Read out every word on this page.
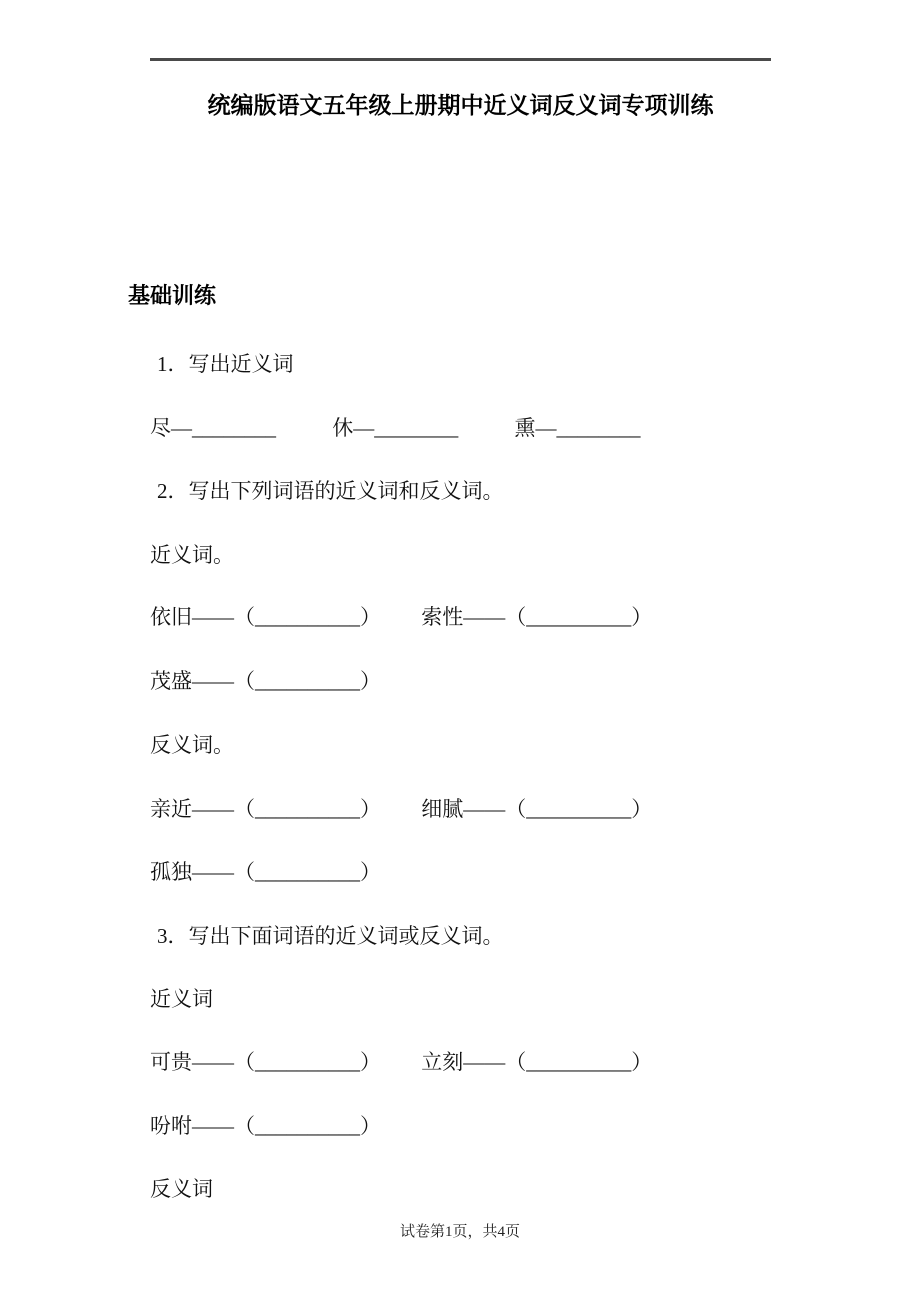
统编版语文五年级上册期中近义词反义词专项训练
基础训练
1．写出近义词
尽—________	休—________	熏—________
2．写出下列词语的近义词和反义词。
近义词。
依旧——（__________） 索性——（__________）
茂盛——（__________）
反义词。
亲近——（__________） 细腻——（__________）
孤独——（__________）
3．写出下面词语的近义词或反义词。
近义词
可贵——（__________） 立刻——（__________）
吩咐——（__________）
反义词
试卷第1页，共4页
